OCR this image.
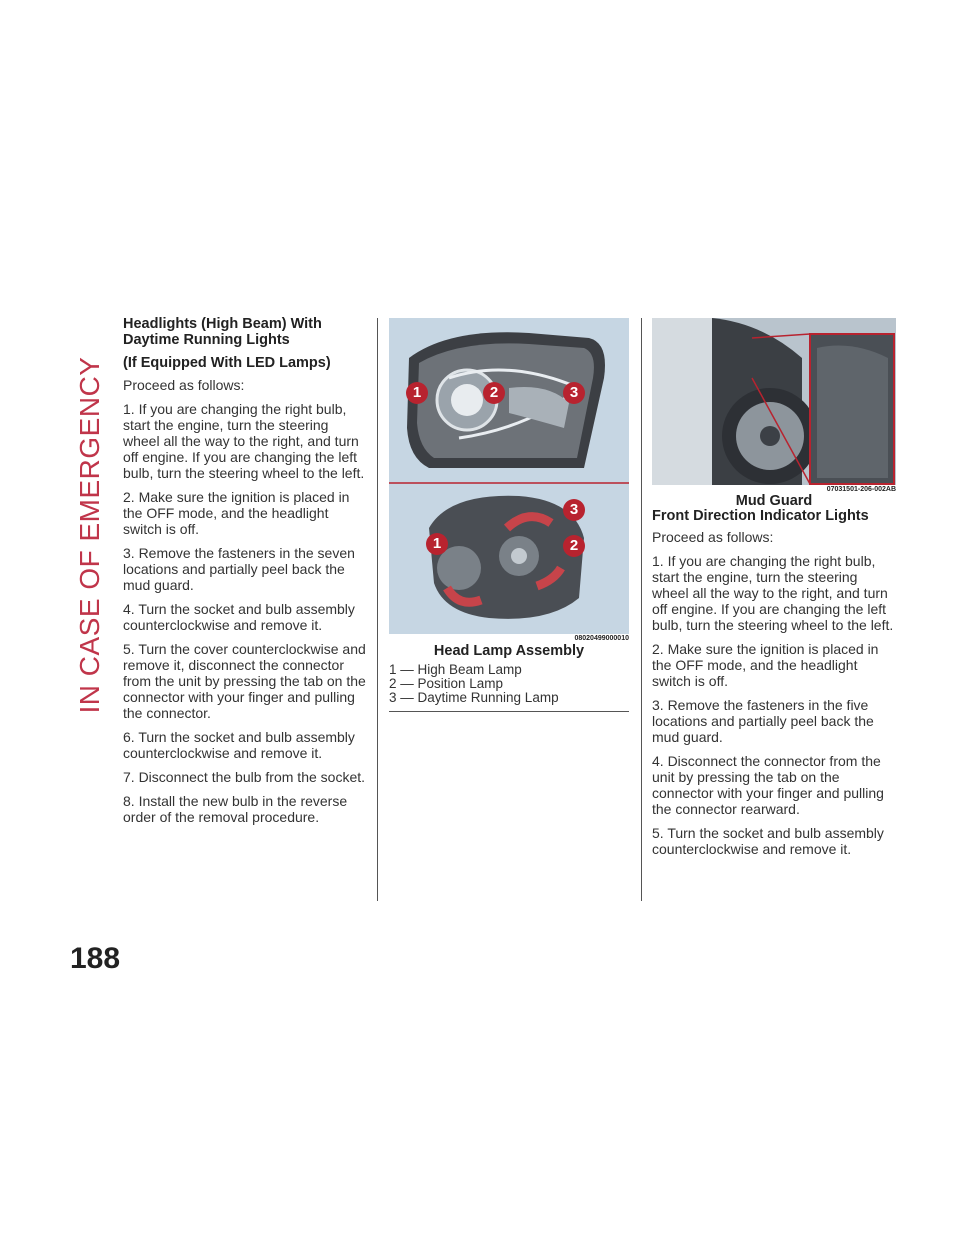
IN CASE OF EMERGENCY
188
Headlights (High Beam) With Daytime Running Lights
(If Equipped With LED Lamps)

Proceed as follows:

1. If you are changing the right bulb, start the engine, turn the steering wheel all the way to the right, and turn off engine. If you are changing the left bulb, turn the steering wheel to the left.

2. Make sure the ignition is placed in the OFF mode, and the headlight switch is off.

3. Remove the fasteners in the seven locations and partially peel back the mud guard.

4. Turn the socket and bulb assembly counterclockwise and remove it.

5. Turn the cover counterclockwise and remove it, disconnect the connector from the unit by pressing the tab on the connector with your finger and pulling the connector.

6. Turn the socket and bulb assembly counterclockwise and remove it.

7. Disconnect the bulb from the socket.

8. Install the new bulb in the reverse order of the removal procedure.

1	2	3
3
1	2
08020499000010
Head Lamp Assembly
1 — High Beam Lamp
2 — Position Lamp
3 — Daytime Running Lamp
07031501-206-002AB
Mud Guard
Front Direction Indicator Lights

Proceed as follows:

1. If you are changing the right bulb, start the engine, turn the steering wheel all the way to the right, and turn off engine. If you are changing the left bulb, turn the steering wheel to the left.

2. Make sure the ignition is placed in the OFF mode, and the headlight switch is off.

3. Remove the fasteners in the five locations and partially peel back the mud guard.

4. Disconnect the connector from the unit by pressing the tab on the connector with your finger and pulling the connector rearward.

5. Turn the socket and bulb assembly counterclockwise and remove it.
